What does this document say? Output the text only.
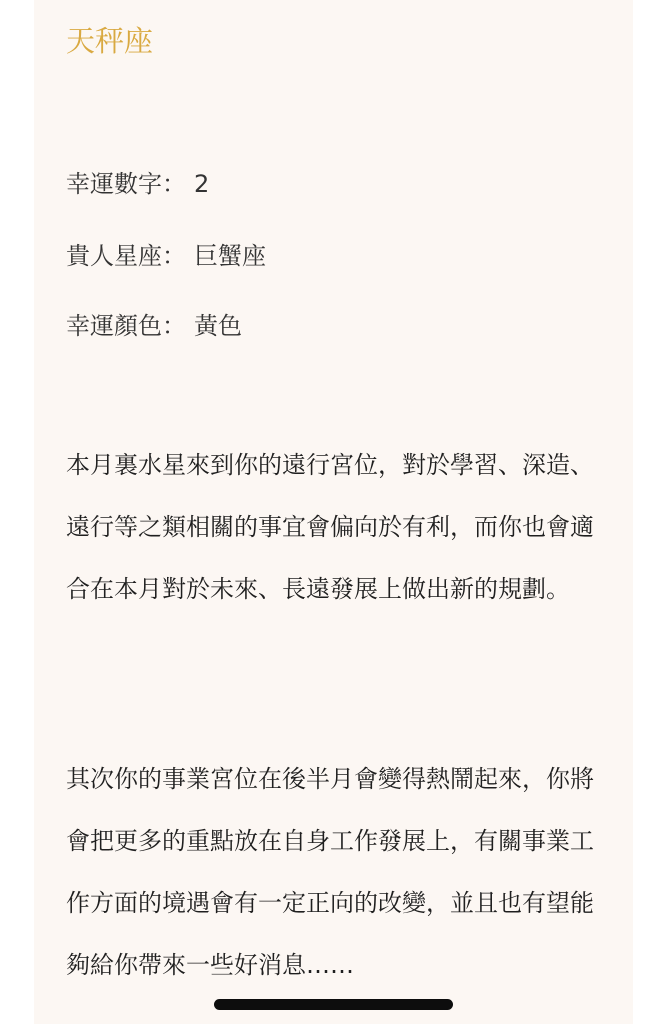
天秤座

幸運數字： 2

貴人星座： 巨蟹座

幸運顏色： 黃色

本月裏水星來到你的遠行宮位，對於學習、深造、遠行等之類相關的事宜會偏向於有利，而你也會適合在本月對於未來、長遠發展上做出新的規劃。

其次你的事業宮位在後半月會變得熱鬧起來，你將會把更多的重點放在自身工作發展上，有關事業工作方面的境遇會有一定正向的改變，並且也有望能夠給你帶來一些好消息……
